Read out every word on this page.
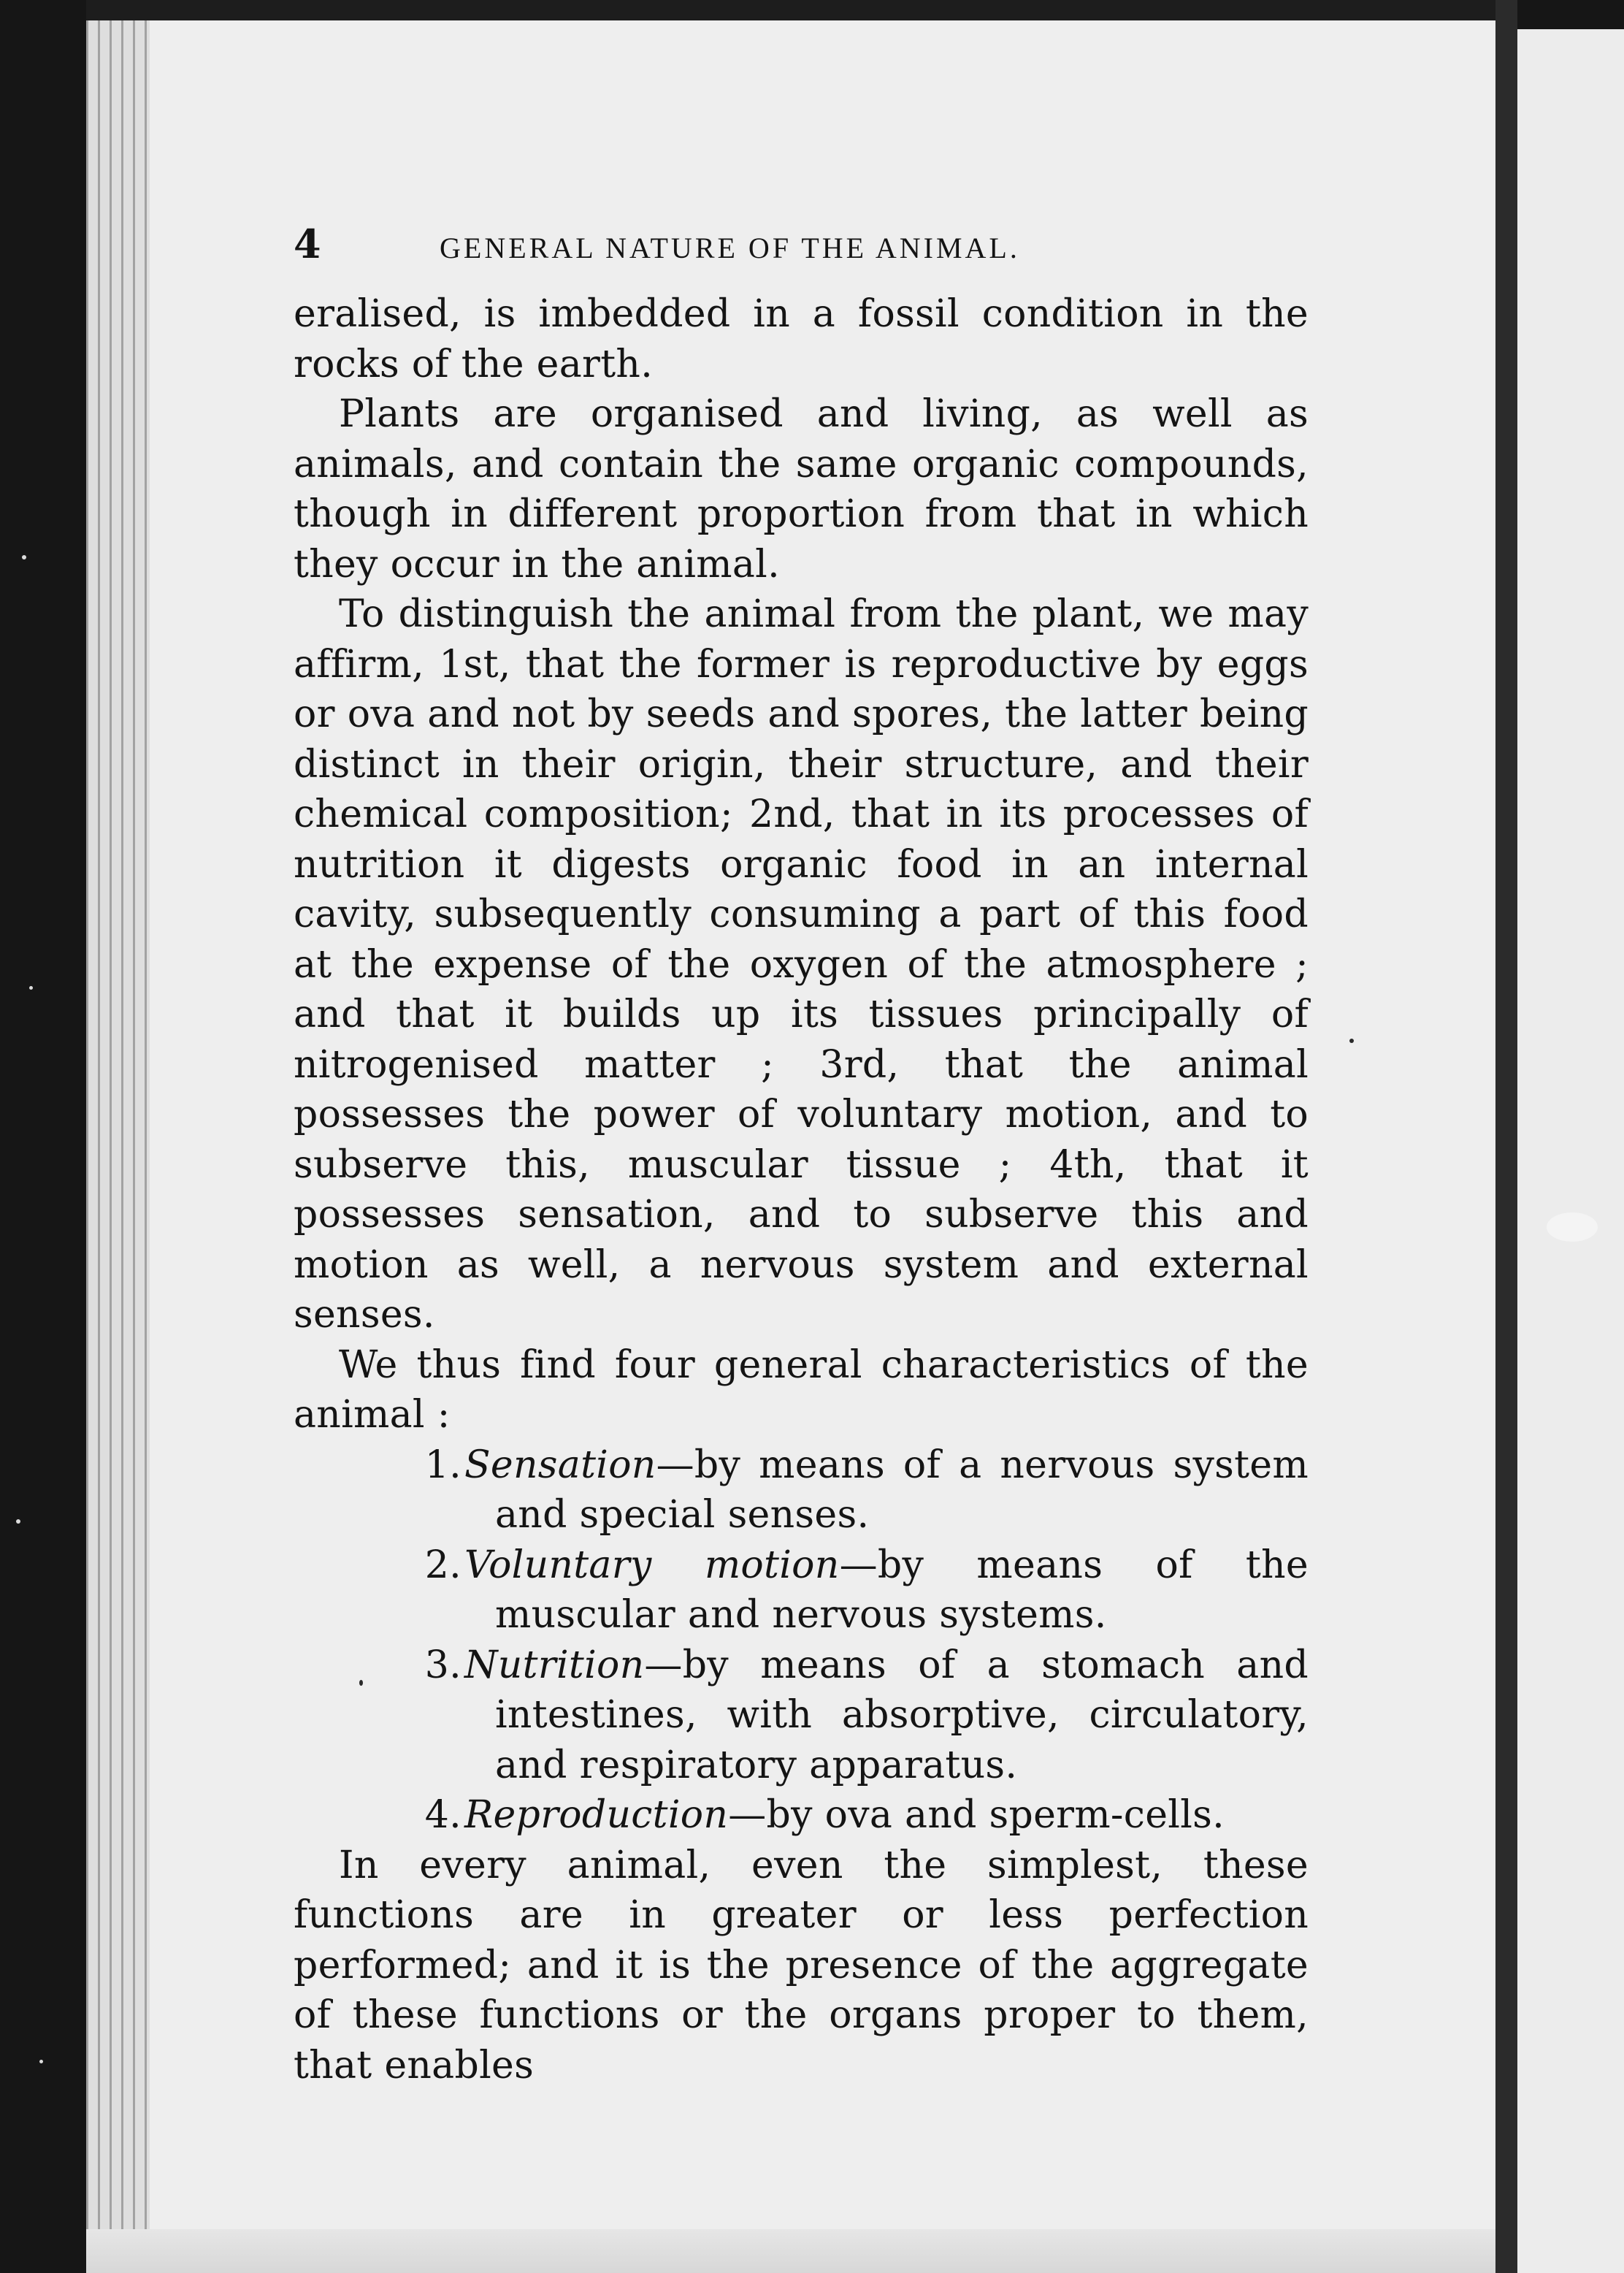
4	GENERAL NATURE OF THE ANIMAL.

eralised, is imbedded in a fossil condition in the rocks of the earth.

Plants are organised and living, as well as animals, and contain the same organic compounds, though in different proportion from that in which they occur in the animal.

To distinguish the animal from the plant, we may affirm, 1st, that the former is reproductive by eggs or ova and not by seeds and spores, the latter being distinct in their origin, their structure, and their chemical composition; 2nd, that in its processes of nutrition it digests organic food in an internal cavity, subsequently consuming a part of this food at the expense of the oxygen of the atmosphere ; and that it builds up its tissues principally of nitrogenised matter ; 3rd, that the animal possesses the power of voluntary motion, and to subserve this, muscular tissue ; 4th, that it possesses sensation, and to subserve this and motion as well, a nervous system and external senses.

We thus find four general characteristics of the animal :

1. Sensation—by means of a nervous system and special senses.
2. Voluntary motion—by means of the muscular and nervous systems.
3. Nutrition—by means of a stomach and intestines, with absorptive, circulatory, and respiratory apparatus.
4. Reproduction—by ova and sperm-cells.

In every animal, even the simplest, these functions are in greater or less perfection performed; and it is the presence of the aggregate of these functions or the organs proper to them, that enables
